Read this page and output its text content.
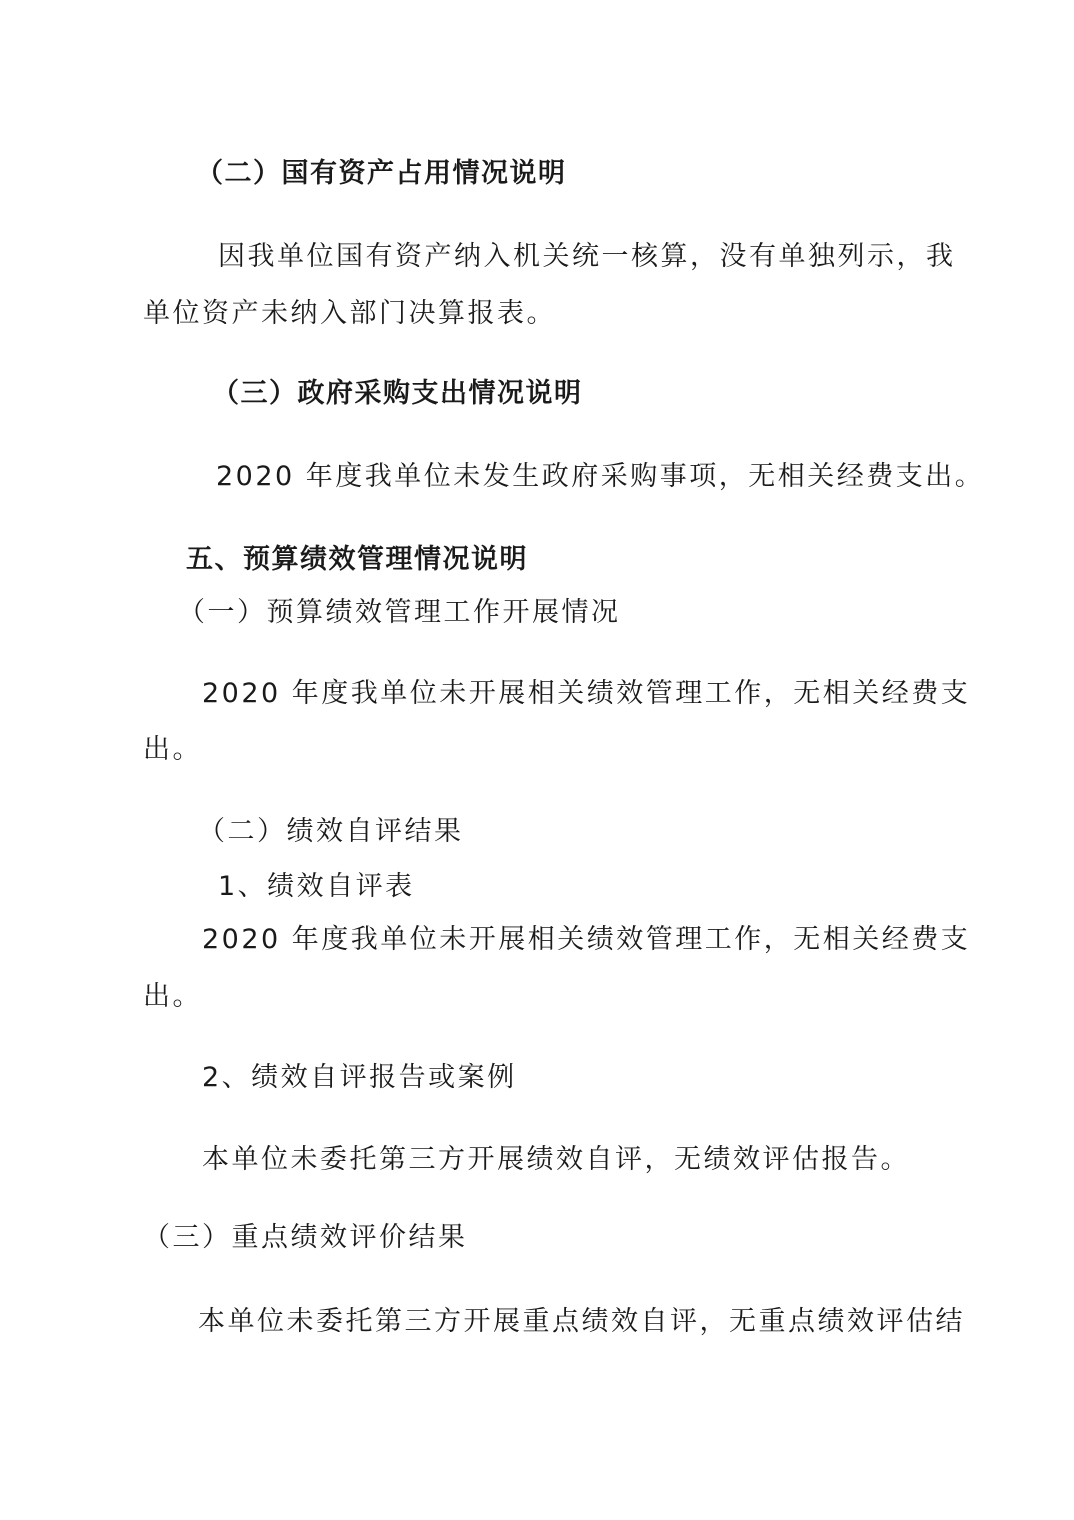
（二）国有资产占用情况说明
因我单位国有资产纳入机关统一核算，没有单独列示，我
单位资产未纳入部门决算报表。
（三）政府采购支出情况说明
2020 年度我单位未发生政府采购事项，无相关经费支出。
五、预算绩效管理情况说明
（一）预算绩效管理工作开展情况
2020 年度我单位未开展相关绩效管理工作，无相关经费支
出。
（二）绩效自评结果
1、绩效自评表
2020 年度我单位未开展相关绩效管理工作，无相关经费支
出。
2、绩效自评报告或案例
本单位未委托第三方开展绩效自评，无绩效评估报告。
（三）重点绩效评价结果
本单位未委托第三方开展重点绩效自评，无重点绩效评估结
